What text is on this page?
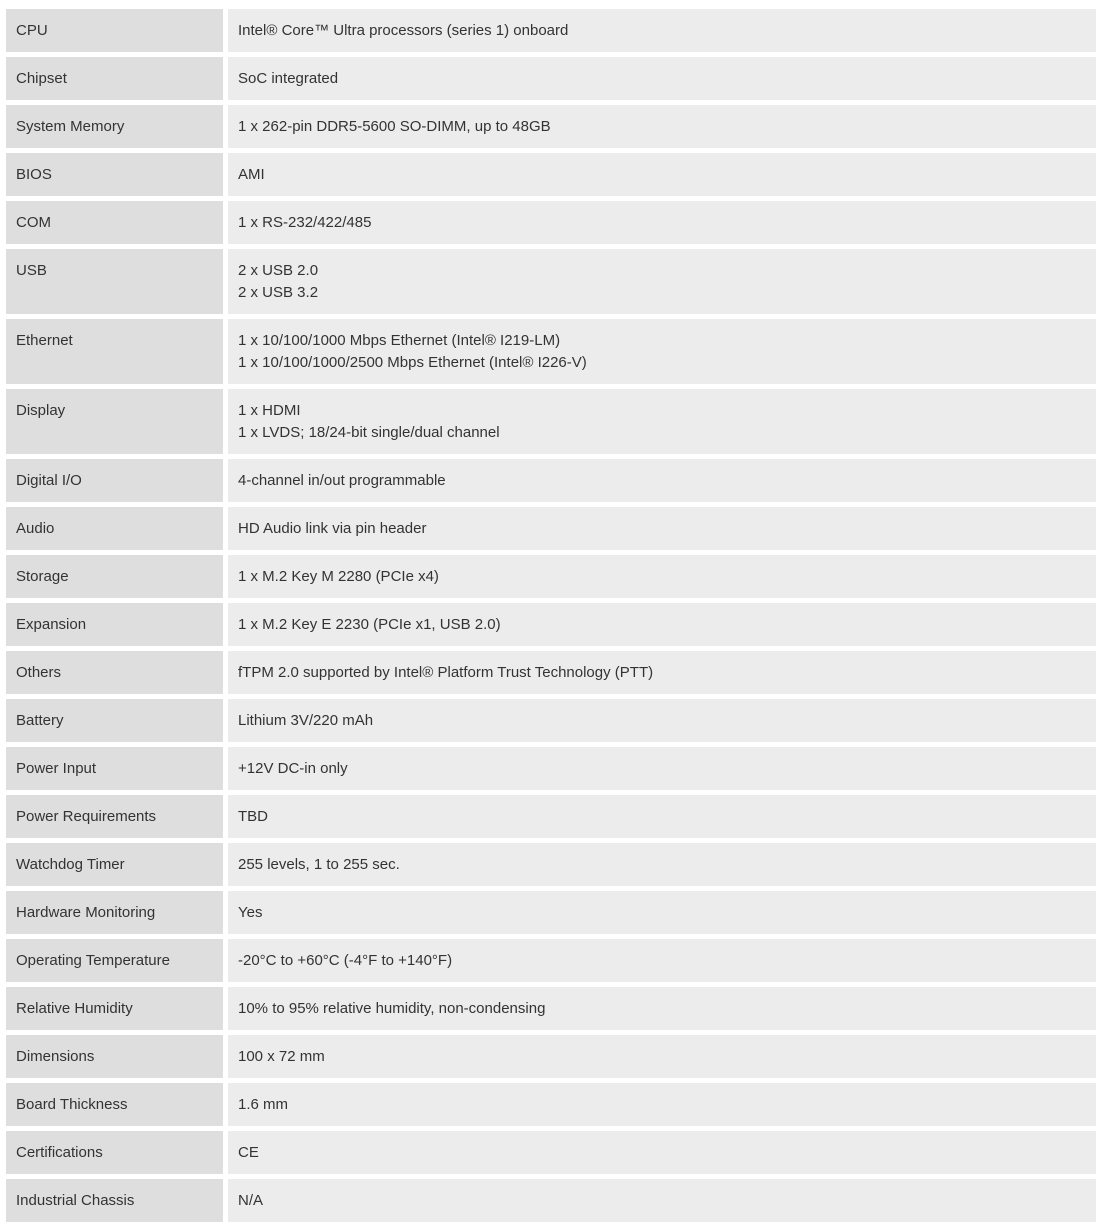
CPU	Intel® Core™ Ultra processors (series 1) onboard
Chipset	SoC integrated
System Memory	1 x 262-pin DDR5-5600 SO-DIMM, up to 48GB
BIOS	AMI
COM	1 x RS-232/422/485
USB	2 x USB 2.0
2 x USB 3.2
Ethernet	1 x 10/100/1000 Mbps Ethernet (Intel® I219-LM)
1 x 10/100/1000/2500 Mbps Ethernet (Intel® I226-V)
Display	1 x HDMI
1 x LVDS; 18/24-bit single/dual channel
Digital I/O	4-channel in/out programmable
Audio	HD Audio link via pin header
Storage	1 x M.2 Key M 2280 (PCIe x4)
Expansion	1 x M.2 Key E 2230 (PCIe x1, USB 2.0)
Others	fTPM 2.0 supported by Intel® Platform Trust Technology (PTT)
Battery	Lithium 3V/220 mAh
Power Input	+12V DC-in only
Power Requirements	TBD
Watchdog Timer	255 levels, 1 to 255 sec.
Hardware Monitoring	Yes
Operating Temperature	-20°C to +60°C (-4°F to +140°F)
Relative Humidity	10% to 95% relative humidity, non-condensing
Dimensions	100 x 72 mm
Board Thickness	1.6 mm
Certifications	CE
Industrial Chassis	N/A
